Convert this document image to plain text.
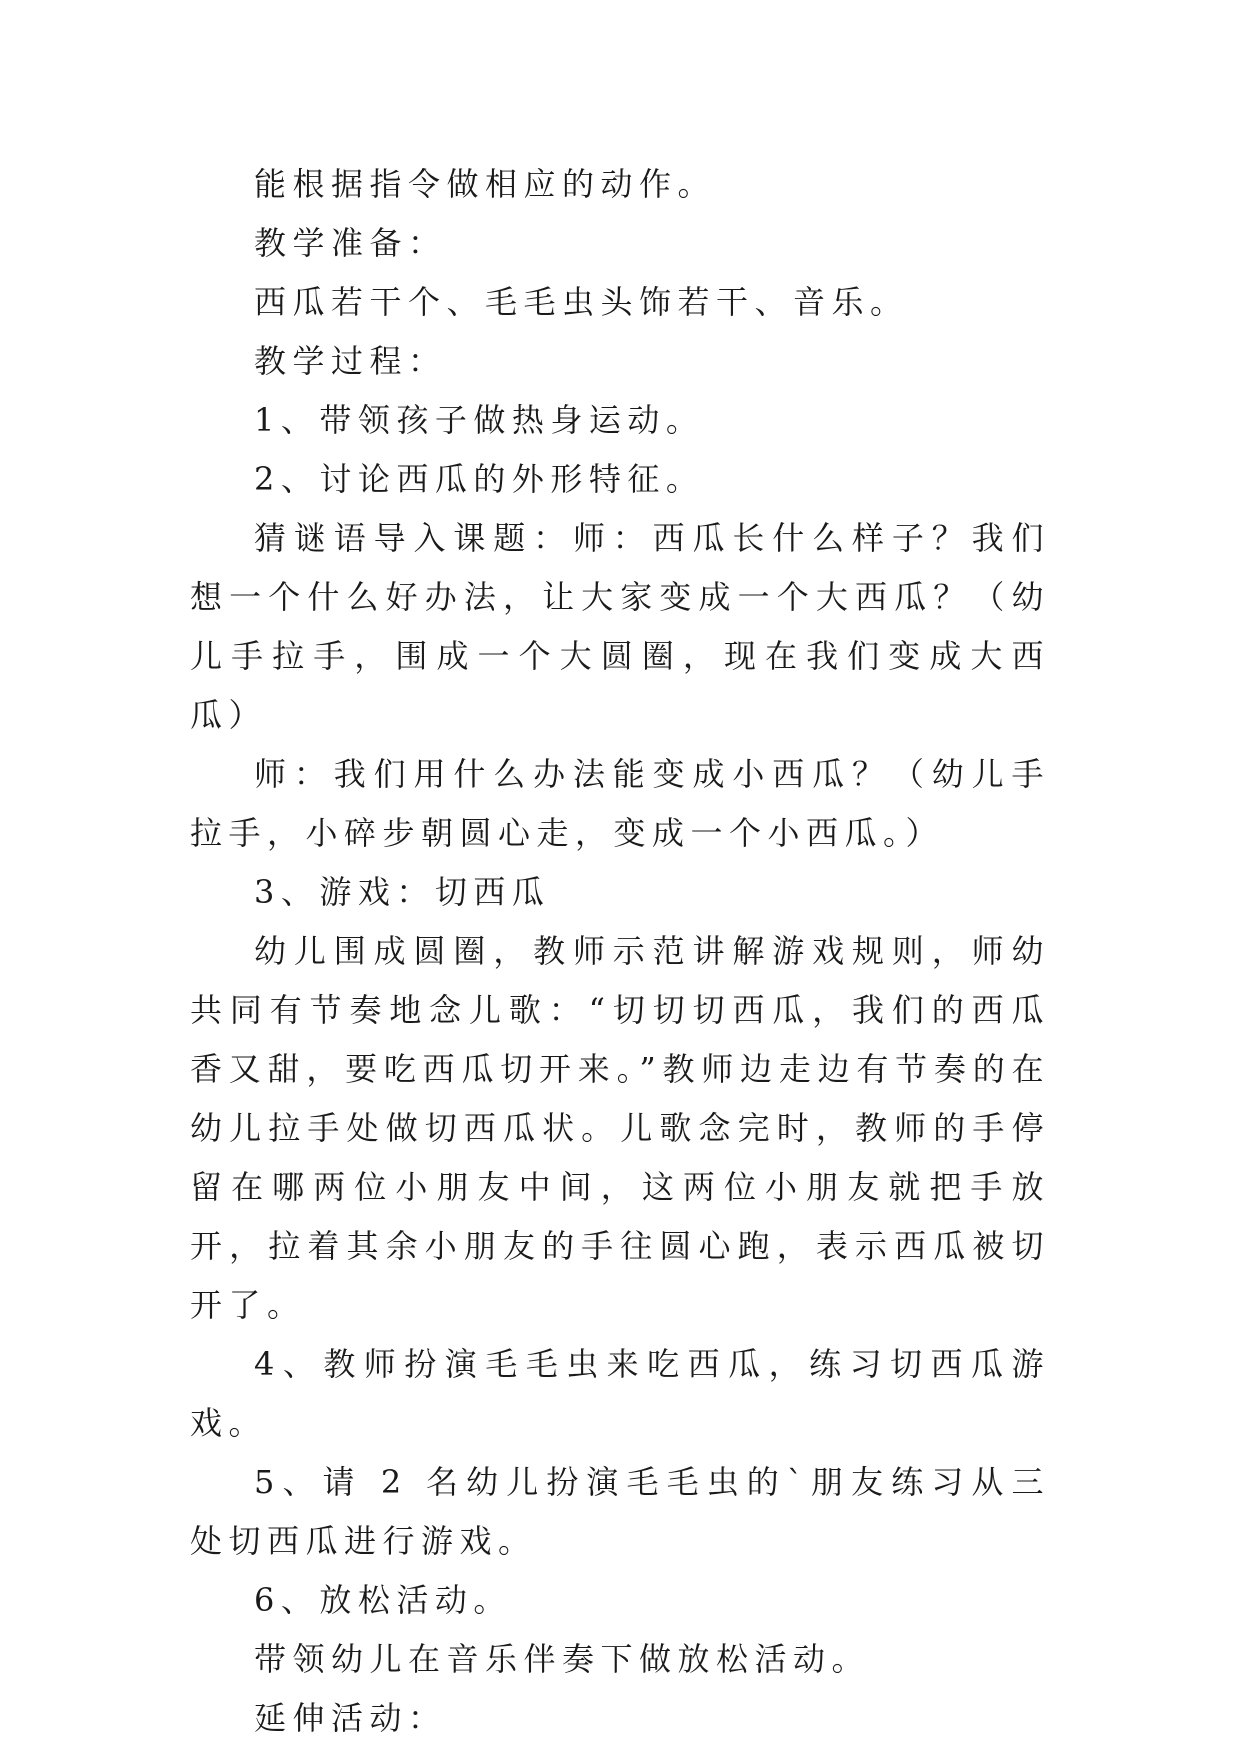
能根据指令做相应的动作。

教学准备：

西瓜若干个、毛毛虫头饰若干、音乐。

教学过程：

1、带领孩子做热身运动。

2、讨论西瓜的外形特征。

猜谜语导入课题：师：西瓜长什么样子？我们想一个什么好办法，让大家变成一个大西瓜？（幼儿手拉手，围成一个大圆圈，现在我们变成大西瓜）

师：我们用什么办法能变成小西瓜？（幼儿手拉手，小碎步朝圆心走，变成一个小西瓜。）

3、游戏：切西瓜

幼儿围成圆圈，教师示范讲解游戏规则，师幼共同有节奏地念儿歌：“切切切西瓜，我们的西瓜香又甜，要吃西瓜切开来。”教师边走边有节奏的在幼儿拉手处做切西瓜状。儿歌念完时，教师的手停留在哪两位小朋友中间，这两位小朋友就把手放开，拉着其余小朋友的手往圆心跑，表示西瓜被切开了。

4、教师扮演毛毛虫来吃西瓜，练习切西瓜游戏。

5、请 2 名幼儿扮演毛毛虫的`朋友练习从三处切西瓜进行游戏。

6、放松活动。

带领幼儿在音乐伴奏下做放松活动。

延伸活动：
